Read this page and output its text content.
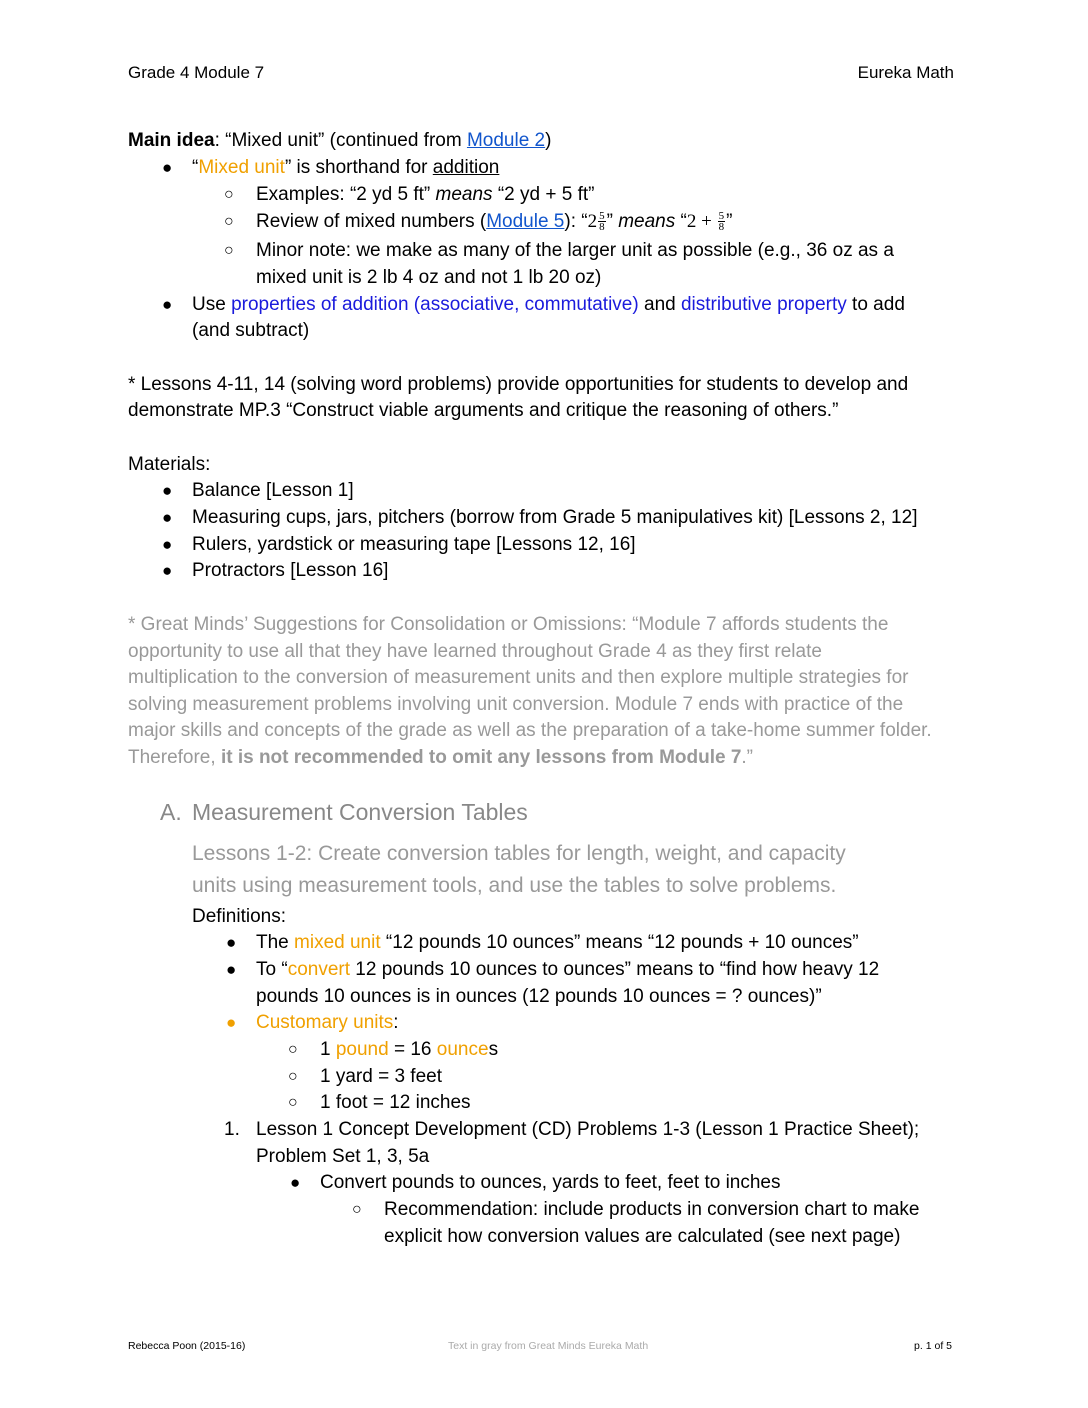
Grade 4 Module 7	Eureka Math
Main idea: “Mixed unit” (continued from Module 2)
● “Mixed unit” is shorthand for addition
○ Examples: “2 yd 5 ft” means “2 yd + 5 ft”
○ Review of mixed numbers (Module 5): “$2 \frac{5}{8}$ ” means “$2 + \frac{5}{8}$ ”
○ Minor note: we make as many of the larger unit as possible (e.g., 36 oz as a
mixed unit is 2 lb 4 oz and not 1 lb 20 oz)
● Use properties of addition (associative, commutative) and distributive property to add
(and subtract)
* Lessons 4-11, 14 (solving word problems) provide opportunities for students to develop and
demonstrate MP.3 “Construct viable arguments and critique the reasoning of others.”
Materials:
● Balance [Lesson 1]
● Measuring cups, jars, pitchers (borrow from Grade 5 manipulatives kit) [Lessons 2, 12]
● Rulers, yardstick or measuring tape [Lessons 12, 16]
● Protractors [Lesson 16]
* Great Minds’ Suggestions for Consolidation or Omissions: “Module 7 affords students the
opportunity to use all that they have learned throughout Grade 4 as they first relate
multiplication to the conversion of measurement units and then explore multiple strategies for
solving measurement problems involving unit conversion. Module 7 ends with practice of the
major skills and concepts of the grade as well as the preparation of a take-home summer folder.
Therefore, it is not recommended to omit any lessons from Module 7.”
A. Measurement Conversion Tables
Lessons 1-2: Create conversion tables for length, weight, and capacity
units using measurement tools, and use the tables to solve problems.
Definitions:
● The mixed unit “12 pounds 10 ounces” means “12 pounds + 10 ounces”
● To “convert 12 pounds 10 ounces to ounces” means to “find how heavy 12
pounds 10 ounces is in ounces (12 pounds 10 ounces = ? ounces)”
● Customary units:
○ 1 pound = 16 ounces
○ 1 yard = 3 feet
○ 1 foot = 12 inches
1. Lesson 1 Concept Development (CD) Problems 1-3 (Lesson 1 Practice Sheet);
Problem Set 1, 3, 5a
● Convert pounds to ounces, yards to feet, feet to inches
○ Recommendation: include products in conversion chart to make
explicit how conversion values are calculated (see next page)
Rebecca Poon (2015-16)	Text in gray from Great Minds Eureka Math	p. 1 of 5
